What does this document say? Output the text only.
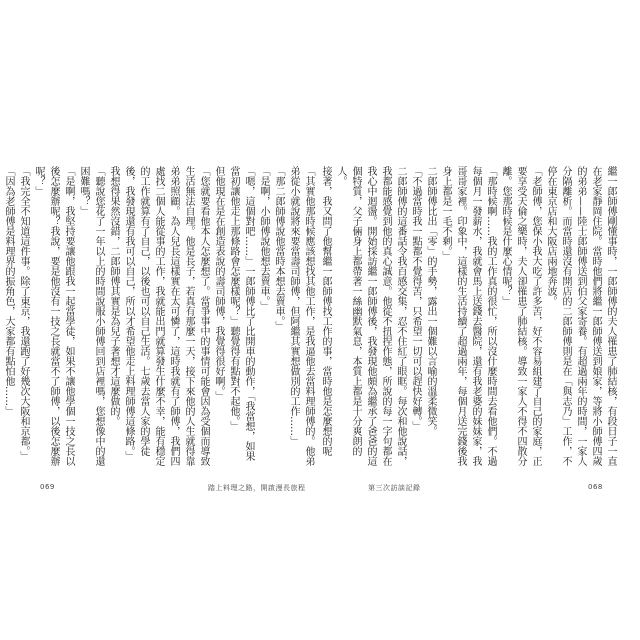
繼一郎師傅剛懂事時，一郎師傅的夫人罹患了肺結核，有段日子一直在老家靜岡住院。當時他們將繼一郎師傅送到娘家，等將小師傅四歲的弟弟——陸士郎師傅送到伯父家寄養。有超過兩年的時間，一家人分隔離析。而當時還沒有開店的二郎師傅則是在「與志乃」工作，不停在東京店和大阪店兩地奔波。

「老師傅，您保小我大吃了許多苦，好不容易組建了自己的家庭，正要享受天倫之樂時，夫人卻罹患了肺結核。導致一家人不得不四散分離。您那時候是什麼心情呢？」

「那時候啊……我的工作真的很忙，所以沒什麼時間去看他們。不過每個月一發薪水，我就會馬上送錢去醫院，還有我老婆的妹妹家，我哥哥家裡。印象中，這樣的生活持續了超過兩年，每個月送完錢後我身上都是一毛不剩。」

二郎師傅比出「零」的手勢，露出一個難以言喻的溫柔微笑。

「不過當時我一點都不覺得苦，只希望一切可以趕快好轉。」

二郎師傅的這番話令我百感交集，忍不住紅了眼眶。每次和他說話，我都能感覺到他的真心誠意。他從不扭捏作態，所說的每一字句都在我心中迴盪。開始採訪繼一郎師傅後，我發現他頗為繼承了爸爸的這個特質，父子倆身上都帶著一絲幽默氣息，本質上都是十分爽朗的人。

接著，我又問了他幫繼一郎師傅找工作的事，當時他是怎麼想的呢

「其實他那時候應該想找其他工作，是我逼他去當料理師傅的。他弟弟從小就說將來要當壽司師傅，但阿繼其實想做別的工作……」

「那二郎師傅說他當時本想去賣車。」

「是啊，小師傅說他想去賣車。」

「嗯，這個對吧……」一郎師傅比了比開車的動作，「我當想，如果當初讓他走上那條路會怎麼樣呢？」聽覺得有點對不起他。」

但他現在是在創造表說的壽司師傅，我覺得很好啊。」

「您就要看他本人怎麼想了。當爭事中的事情可能會因為受個而導致生活無法自理。他是長子，若真有那麼一天，接下來他的人生就得靠弟弟照顧。為人兒長這樣實在太可憐了，這時我就有了師傅，我們四處找二個人能從事的工作，我就能出門就算發生什麼不幸，能有穩定的工作就算有了自己，以後也可以自己生活。七歲去當人家的學徒後，我發現還有我可以自己，所以才希望他走上料理師傅這條路。」

我想得果然沒錯，二郎師傅其實是為兒子著想才這麼做的。

「聽說您花了一年以上的時間說服小師傅回到店裡嗎，您想像中的還困難嗎？」

「是啊，我堅持要讓他跟我一起當學徒，如果不讓他學個一技之長以後怎麼辦呢？我說，要是他沒有一技之長就當不了師傅，以後怎麼辦呢？」

「我完全不知道這件事。除了東京，我還跑了好幾次大阪和京都。」

「因為老師傅是料理界的振角色，大家都有點怕他……」

069	踏上料理之路，開啟漫長旅程	第三次訪談記錄	068
